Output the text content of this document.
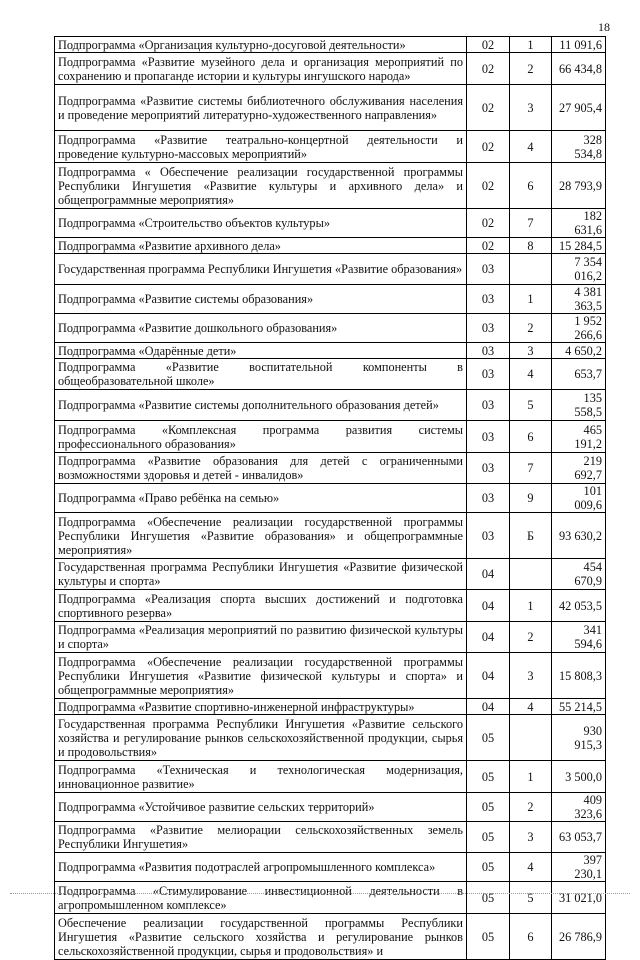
18
Подпрограмма «Организация культурно-досуговой деятельности»	02	1	11 091,6
Подпрограмма «Развитие музейного дела и организация мероприятий по сохранению и пропаганде истории и культуры ингушского народа»	02	2	66 434,8
Подпрограмма «Развитие системы библиотечного обслуживания населения и проведение мероприятий литературно-художественного направления»	02	3	27 905,4
Подпрограмма «Развитие театрально-концертной деятельности и проведение культурно-массовых мероприятий»	02	4	328 534,8
Подпрограмма « Обеспечение реализации государственной программы Республики Ингушетия «Развитие культуры и архивного дела» и общепрограммные мероприятия»	02	6	28 793,9
Подпрограмма «Строительство объектов культуры»	02	7	182 631,6
Подпрограмма «Развитие архивного дела»	02	8	15 284,5
Государственная программа Республики Ингушетия «Развитие образования»	03		7 354 016,2
Подпрограмма «Развитие системы образования»	03	1	4 381 363,5
Подпрограмма «Развитие дошкольного образования»	03	2	1 952 266,6
Подпрограмма «Одарённые дети»	03	3	4 650,2
Подпрограмма «Развитие воспитательной компоненты в общеобразовательной школе»	03	4	653,7
Подпрограмма «Развитие системы дополнительного образования детей»	03	5	135 558,5
Подпрограмма «Комплексная программа развития системы профессионального образования»	03	6	465 191,2
Подпрограмма «Развитие образования для детей с ограниченными возможностями здоровья и детей - инвалидов»	03	7	219 692,7
Подпрограмма «Право ребёнка на семью»	03	9	101 009,6
Подпрограмма «Обеспечение реализации государственной программы Республики Ингушетия «Развитие образования» и общепрограммные мероприятия»	03	Б	93 630,2
Государственная программа Республики Ингушетия «Развитие физической культуры и спорта»	04		454 670,9
Подпрограмма «Реализация спорта высших достижений и подготовка спортивного резерва»	04	1	42 053,5
Подпрограмма «Реализация мероприятий по развитию физической культуры и спорта»	04	2	341 594,6
Подпрограмма «Обеспечение реализации государственной программы Республики Ингушетия «Развитие физической культуры и спорта» и общепрограммные мероприятия»	04	3	15 808,3
Подпрограмма «Развитие спортивно-инженерной инфраструктуры»	04	4	55 214,5
Государственная программа Республики Ингушетия «Развитие сельского хозяйства и регулирование рынков сельскохозяйственной продукции, сырья и продовольствия»	05		930 915,3
Подпрограмма «Техническая и технологическая модернизация, инновационное развитие»	05	1	3 500,0
Подпрограмма «Устойчивое развитие сельских территорий»	05	2	409 323,6
Подпрограмма «Развитие мелиорации сельскохозяйственных земель Республики Ингушетия»	05	3	63 053,7
Подпрограмма «Развития подотраслей агропромышленного комплекса»	05	4	397 230,1
Подпрограмма «Стимулирование инвестиционной деятельности в агропромышленном комплексе»	05	5	31 021,0
Обеспечение реализации государственной программы Республики Ингушетия «Развитие сельского хозяйства и регулирование рынков сельскохозяйственной продукции, сырья и продовольствия» и	05	6	26 786,9
